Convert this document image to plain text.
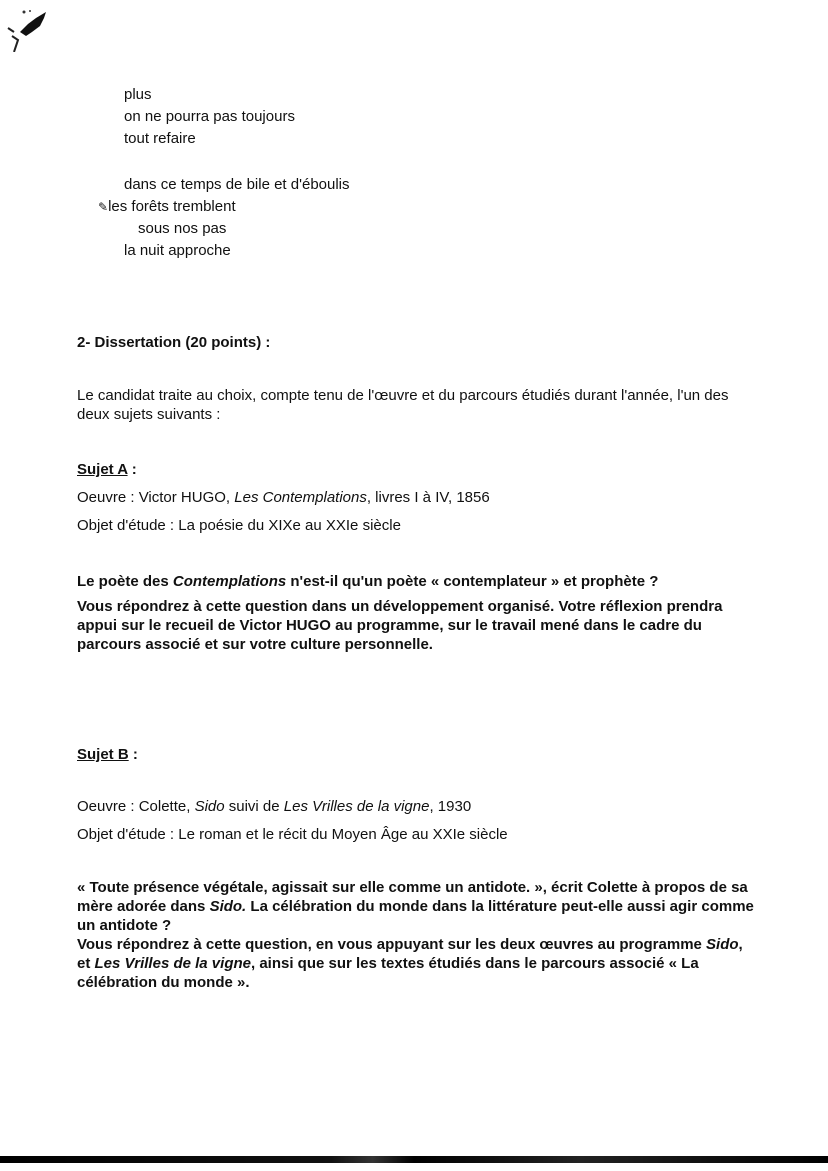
plus
on ne pourra pas toujours
tout refaire
dans ce temps de bile et d'éboulis
✎les forêts tremblent
sous nos pas
la nuit approche
2- Dissertation (20 points) :
Le candidat traite au choix, compte tenu de l'œuvre et du parcours étudiés durant l'année, l'un des deux sujets suivants :
Sujet A :
Oeuvre : Victor HUGO, Les Contemplations, livres I à IV, 1856
Objet d'étude : La poésie du XIXe au XXIe siècle

Le poète des Contemplations n'est-il qu'un poète « contemplateur » et prophète ?

Vous répondrez à cette question dans un développement organisé. Votre réflexion prendra appui sur le recueil de Victor HUGO au programme, sur le travail mené dans le cadre du parcours associé et sur votre culture personnelle.

Sujet B :
Oeuvre : Colette, Sido suivi de Les Vrilles de la vigne, 1930
Objet d'étude : Le roman et le récit du Moyen Âge au XXIe siècle

« Toute présence végétale, agissait sur elle comme un antidote. », écrit Colette à propos de sa mère adorée dans Sido. La célébration du monde dans la littérature peut-elle aussi agir comme un antidote ?

Vous répondrez à cette question, en vous appuyant sur les deux œuvres au programme Sido, et Les Vrilles de la vigne, ainsi que sur les textes étudiés dans le parcours associé « La célébration du monde ».
